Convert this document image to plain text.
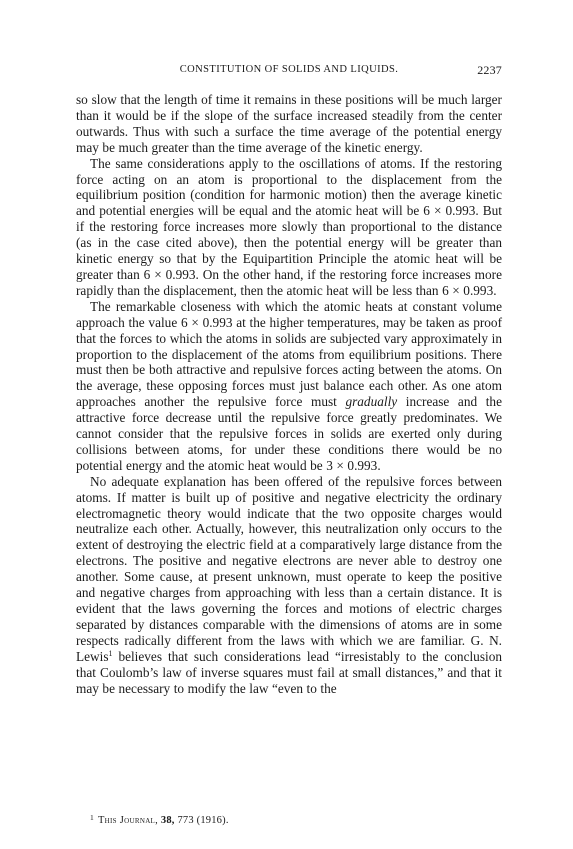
CONSTITUTION OF SOLIDS AND LIQUIDS.	2237

so slow that the length of time it remains in these positions will be much larger than it would be if the slope of the surface increased steadily from the center outwards. Thus with such a surface the time average of the potential energy may be much greater than the time average of the kinetic energy.

The same considerations apply to the oscillations of atoms. If the restoring force acting on an atom is proportional to the displacement from the equilibrium position (condition for harmonic motion) then the average kinetic and potential energies will be equal and the atomic heat will be 6 × 0.993. But if the restoring force increases more slowly than proportional to the distance (as in the case cited above), then the potential energy will be greater than kinetic energy so that by the Equipartition Principle the atomic heat will be greater than 6 × 0.993. On the other hand, if the restoring force increases more rapidly than the displacement, then the atomic heat will be less than 6 × 0.993.

The remarkable closeness with which the atomic heats at constant volume approach the value 6 × 0.993 at the higher temperatures, may be taken as proof that the forces to which the atoms in solids are subjected vary approximately in proportion to the displacement of the atoms from equilibrium positions. There must then be both attractive and repulsive forces acting between the atoms. On the average, these opposing forces must just balance each other. As one atom approaches another the repulsive force must gradually increase and the attractive force decrease until the repulsive force greatly predominates. We cannot consider that the repulsive forces in solids are exerted only during collisions between atoms, for under these conditions there would be no potential energy and the atomic heat would be 3 × 0.993.

No adequate explanation has been offered of the repulsive forces between atoms. If matter is built up of positive and negative electricity the ordinary electromagnetic theory would indicate that the two opposite charges would neutralize each other. Actually, however, this neutralization only occurs to the extent of destroying the electric field at a comparatively large distance from the electrons. The positive and negative electrons are never able to destroy one another. Some cause, at present unknown, must operate to keep the positive and negative charges from approaching with less than a certain distance. It is evident that the laws governing the forces and motions of electric charges separated by distances comparable with the dimensions of atoms are in some respects radically different from the laws with which we are familiar. G. N. Lewis$^1$ believes that such considerations lead “irresistably to the conclusion that Coulomb’s law of inverse squares must fail at small distances,” and that it may be necessary to modify the law “even to the

$^1$ This Journal, 38, 773 (1916).
